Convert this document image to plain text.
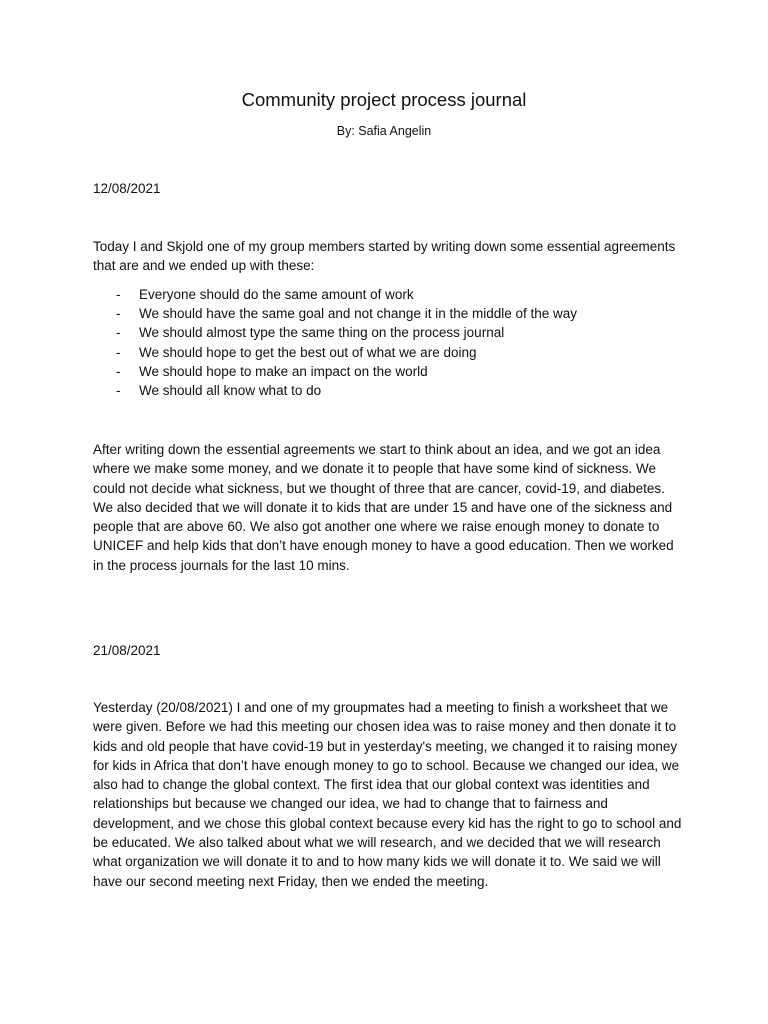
Community project process journal
By: Safia Angelin
12/08/2021

Today I and Skjold one of my group members started by writing down some essential agreements that are and we ended up with these:

- Everyone should do the same amount of work
- We should have the same goal and not change it in the middle of the way
- We should almost type the same thing on the process journal
- We should hope to get the best out of what we are doing
- We should hope to make an impact on the world
- We should all know what to do

After writing down the essential agreements we start to think about an idea, and we got an idea where we make some money, and we donate it to people that have some kind of sickness. We could not decide what sickness, but we thought of three that are cancer, covid-19, and diabetes. We also decided that we will donate it to kids that are under 15 and have one of the sickness and people that are above 60. We also got another one where we raise enough money to donate to UNICEF and help kids that don’t have enough money to have a good education. Then we worked in the process journals for the last 10 mins.

21/08/2021

Yesterday (20/08/2021) I and one of my groupmates had a meeting to finish a worksheet that we were given. Before we had this meeting our chosen idea was to raise money and then donate it to kids and old people that have covid-19 but in yesterday's meeting, we changed it to raising money for kids in Africa that don’t have enough money to go to school. Because we changed our idea, we also had to change the global context. The first idea that our global context was identities and relationships but because we changed our idea, we had to change that to fairness and development, and we chose this global context because every kid has the right to go to school and be educated. We also talked about what we will research, and we decided that we will research what organization we will donate it to and to how many kids we will donate it to. We said we will have our second meeting next Friday, then we ended the meeting.
